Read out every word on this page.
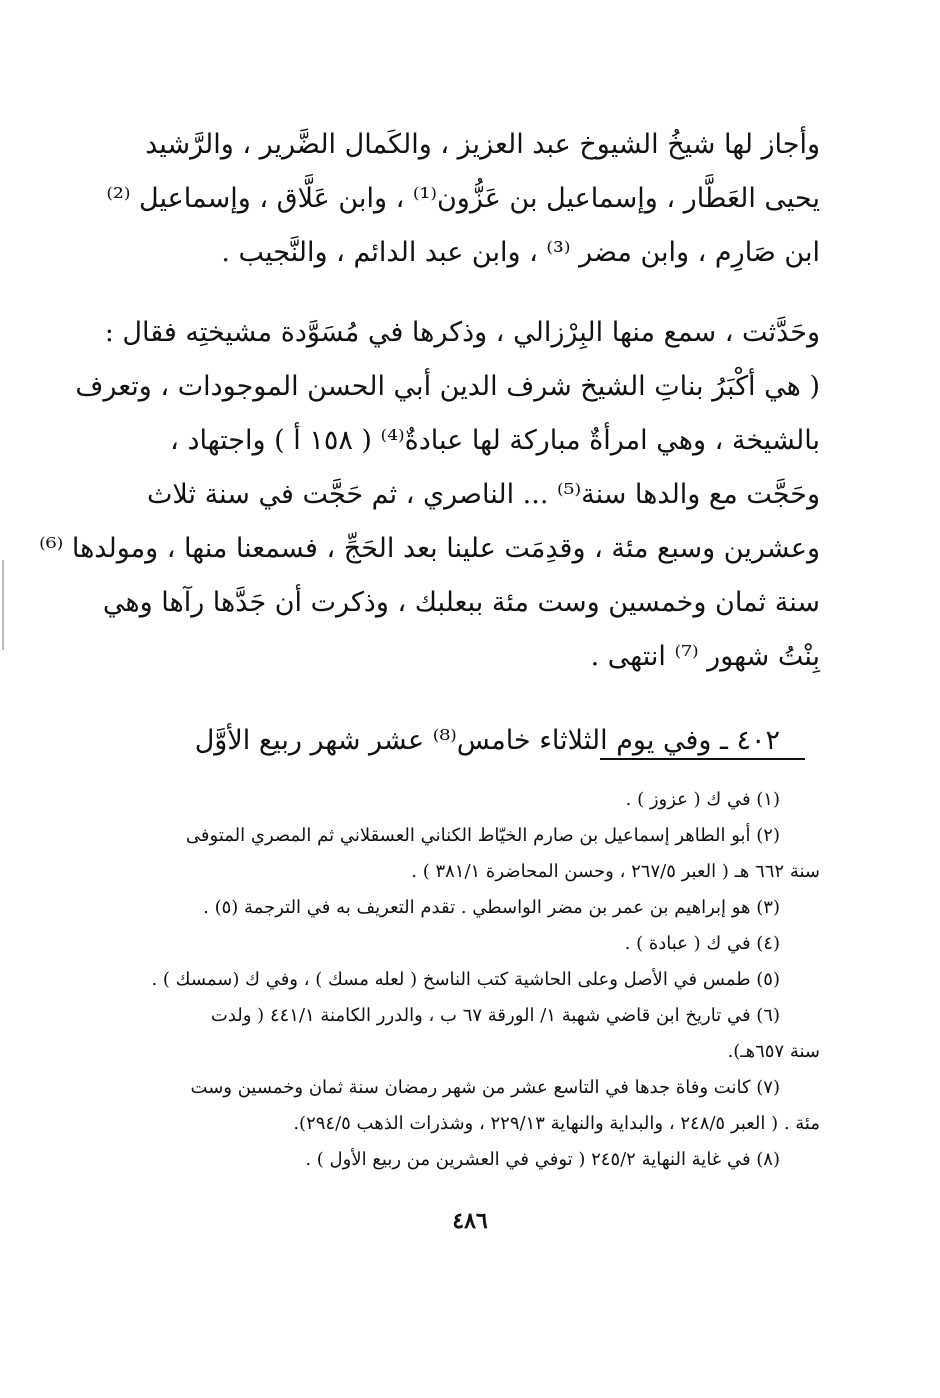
وأجاز لها شيخُ الشيوخ عبد العزيز ، والكَمال الضَّرير ، والرَّشيد
يحيى العَطَّار ، وإسماعيل بن عَزُّون⁽¹⁾ ، وابن عَلَّاق ، وإسماعيل ⁽²⁾
ابن صَارِم ، وابن مضر ⁽³⁾ ، وابن عبد الدائم ، والنَّجيب .
وحَدَّثت ، سمع منها البِرْزالي ، وذكرها في مُسَوَّدة مشيختِه فقال :
( هي أكْبَرُ بناتِ الشيخ شرف الدين أبي الحسن الموجودات ، وتعرف
بالشيخة ، وهي امرأةٌ مباركة لها عبادةٌ⁽⁴⁾ ( ١٥٨ أ ) واجتهاد ،
وحَجَّت مع والدها سنة⁽⁵⁾ ... الناصري ، ثم حَجَّت في سنة ثلاث
وعشرين وسبع مئة ، وقدِمَت علينا بعد الحَجِّ ، فسمعنا منها ، ومولدها ⁽⁶⁾
سنة ثمان وخمسين وست مئة ببعلبك ، وذكرت أن جَدَّها رآها وهي
بِنْتُ شهور ⁽⁷⁾ انتهى .
٤٠٢ ـ وفي يوم الثلاثاء خامس⁽⁸⁾ عشر شهر ربيع الأوَّل
(١) في ك ( عزوز ) .
(٢) أبو الطاهر إسماعيل بن صارم الخيّاط الكناني العسقلاني ثم المصري المتوفى
سنة ٦٦٢ هـ ( العبر ٢٦٧/٥ ، وحسن المحاضرة ٣٨١/١ ) .
(٣) هو إبراهيم بن عمر بن مضر الواسطي . تقدم التعريف به في الترجمة (٥) .
(٤) في ك ( عبادة ) .
(٥) طمس في الأصل وعلى الحاشية كتب الناسخ ( لعله مسك ) ، وفي ك (سمسك ) .
(٦) في تاريخ ابن قاضي شهبة ١/ الورقة ٦٧ ب ، والدرر الكامنة ٤٤١/١ ( ولدت
سنة ٦٥٧هـ).
(٧) كانت وفاة جدها في التاسع عشر من شهر رمضان سنة ثمان وخمسين وست
مئة . ( العبر ٢٤٨/٥ ، والبداية والنهاية ٢٢٩/١٣ ، وشذرات الذهب ٢٩٤/٥).
(٨) في غاية النهاية ٢٤٥/٢ ( توفي في العشرين من ربيع الأول ) .
٤٨٦
